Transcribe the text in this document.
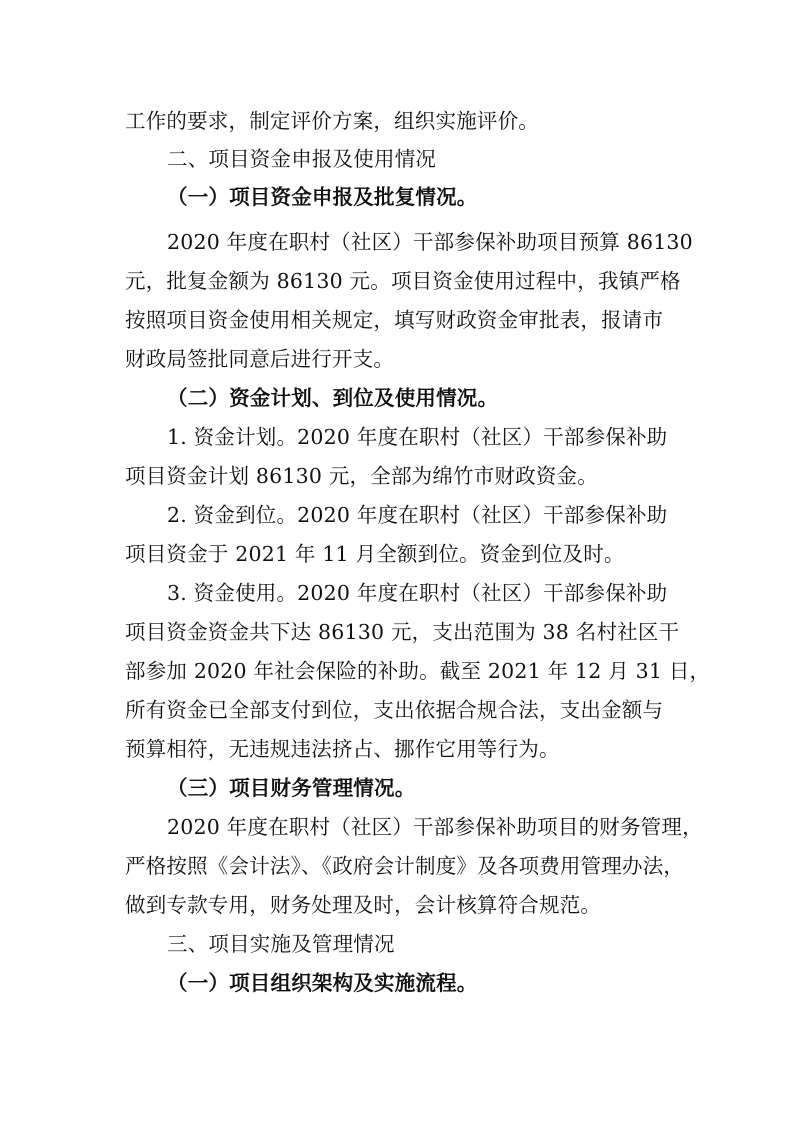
工作的要求，制定评价方案，组织实施评价。
二、项目资金申报及使用情况
（一）项目资金申报及批复情况。
2020 年度在职村（社区）干部参保补助项目预算 86130
元，批复金额为 86130 元。项目资金使用过程中，我镇严格
按照项目资金使用相关规定，填写财政资金审批表，报请市
财政局签批同意后进行开支。
（二）资金计划、到位及使用情况。
1. 资金计划。2020 年度在职村（社区）干部参保补助
项目资金计划 86130 元，全部为绵竹市财政资金。
2. 资金到位。2020 年度在职村（社区）干部参保补助
项目资金于 2021 年 11 月全额到位。资金到位及时。
3. 资金使用。2020 年度在职村（社区）干部参保补助
项目资金资金共下达 86130 元，支出范围为 38 名村社区干
部参加 2020 年社会保险的补助。截至 2021 年 12 月 31 日，
所有资金已全部支付到位，支出依据合规合法，支出金额与
预算相符，无违规违法挤占、挪作它用等行为。
（三）项目财务管理情况。
2020 年度在职村（社区）干部参保补助项目的财务管理，
严格按照《会计法》、《政府会计制度》及各项费用管理办法，
做到专款专用，财务处理及时，会计核算符合规范。
三、项目实施及管理情况
（一）项目组织架构及实施流程。
